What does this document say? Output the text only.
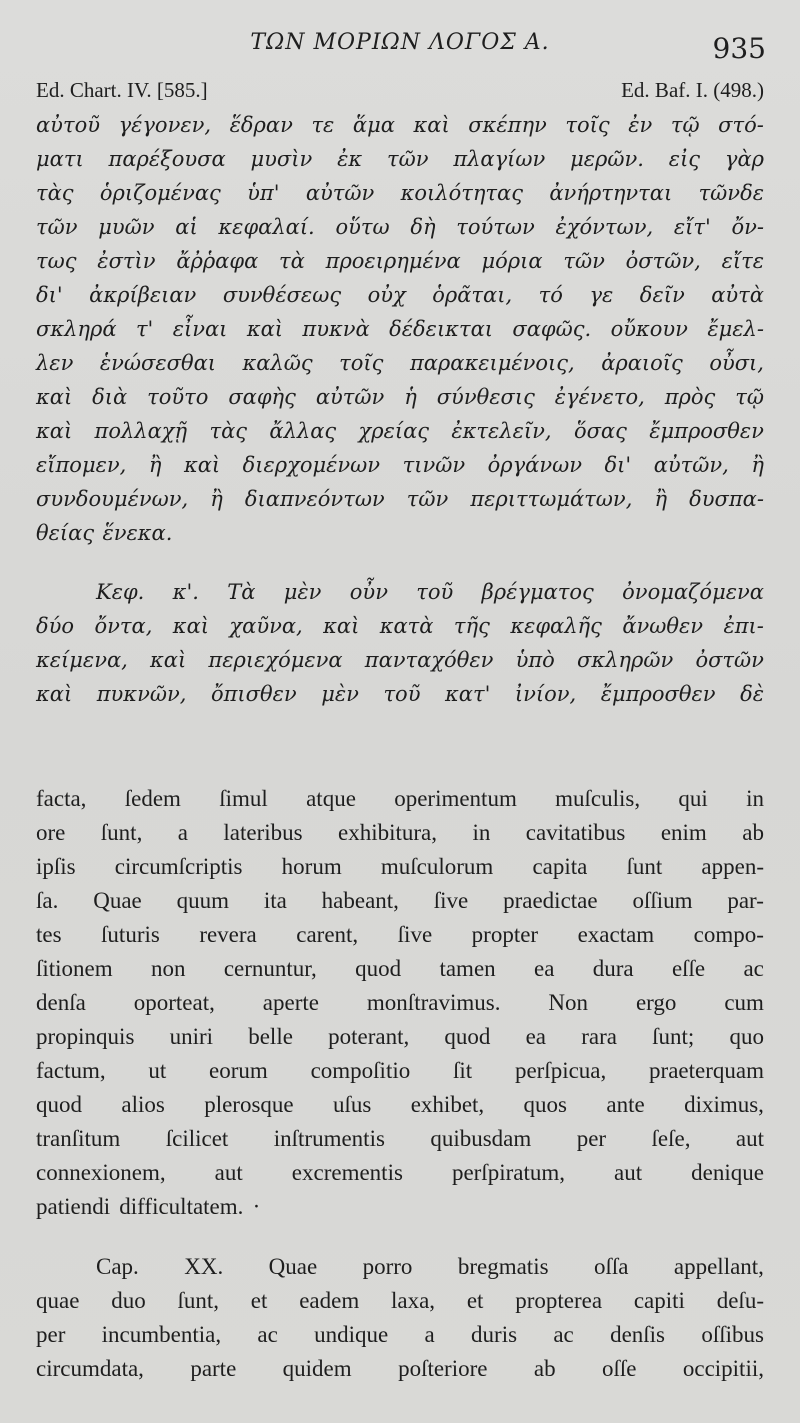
ΤΩΝ ΜΟΡΙΩΝ ΛΟΓΟΣ Α.	935
Ed. Chart. IV. [585.]	Ed. Baf. I. (498.)
αὐτοῦ γέγονεν, ἕδραν τε ἅμα καὶ σκέπην τοῖς ἐν τῷ στό-
ματι παρέξουσα μυσὶν ἐκ τῶν πλαγίων μερῶν. εἰς γὰρ
τὰς ὁριζομένας ὑπ' αὐτῶν κοιλότητας ἀνήρτηνται τῶνδε
τῶν μυῶν αἱ κεφαλαί. οὕτω δὴ τούτων ἐχόντων, εἴτ' ὄν-
τως ἐστὶν ἄῤῥαφα τὰ προειρημένα μόρια τῶν ὀστῶν, εἴτε
δι' ἀκρίβειαν συνθέσεως οὐχ ὁρᾶται, τό γε δεῖν αὐτὰ
σκληρά τ' εἶναι καὶ πυκνὰ δέδεικται σαφῶς. οὔκουν ἔμελ-
λεν ἑνώσεσθαι καλῶς τοῖς παρακειμένοις, ἀραιοῖς οὖσι,
καὶ διὰ τοῦτο σαφὴς αὐτῶν ἡ σύνθεσις ἐγένετο, πρὸς τῷ
καὶ πολλαχῇ τὰς ἄλλας χρείας ἐκτελεῖν, ὅσας ἔμπροσθεν
εἴπομεν, ἢ καὶ διερχομένων τινῶν ὀργάνων δι' αὐτῶν, ἢ
συνδουμένων, ἢ διαπνεόντων τῶν περιττωμάτων, ἢ δυσπα-
θείας ἕνεκα.
Κεφ. κ'. Τὰ μὲν οὖν τοῦ βρέγματος ὀνομαζόμενα
δύο ὄντα, καὶ χαῦνα, καὶ κατὰ τῆς κεφαλῆς ἄνωθεν ἐπι-
κείμενα, καὶ περιεχόμενα πανταχόθεν ὑπὸ σκληρῶν ὀστῶν
καὶ πυκνῶν, ὄπισθεν μὲν τοῦ κατ' ἰνίον, ἔμπροσθεν δὲ
facta, ſedem ſimul atque operimentum muſculis, qui in
ore ſunt, a lateribus exhibitura, in cavitatibus enim ab
ipſis circumſcriptis horum muſculorum capita ſunt appen-
ſa. Quae quum ita habeant, ſive praedictae oſſium par-
tes ſuturis revera carent, ſive propter exactam compo-
ſitionem non cernuntur, quod tamen ea dura eſſe ac
denſa oporteat, aperte monſtravimus. Non ergo cum
propinquis uniri belle poterant, quod ea rara ſunt; quo
factum, ut eorum compoſitio ſit perſpicua, praeterquam
quod alios plerosque uſus exhibet, quos ante diximus,
tranſitum ſcilicet inſtrumentis quibusdam per ſeſe, aut
connexionem, aut excrementis perſpiratum, aut denique
patiendi difficultatem. ·
Cap. XX. Quae porro bregmatis oſſa appellant,
quae duo ſunt, et eadem laxa, et propterea capiti deſu-
per incumbentia, ac undique a duris ac denſis oſſibus
circumdata, parte quidem poſteriore ab oſſe occipitii,
